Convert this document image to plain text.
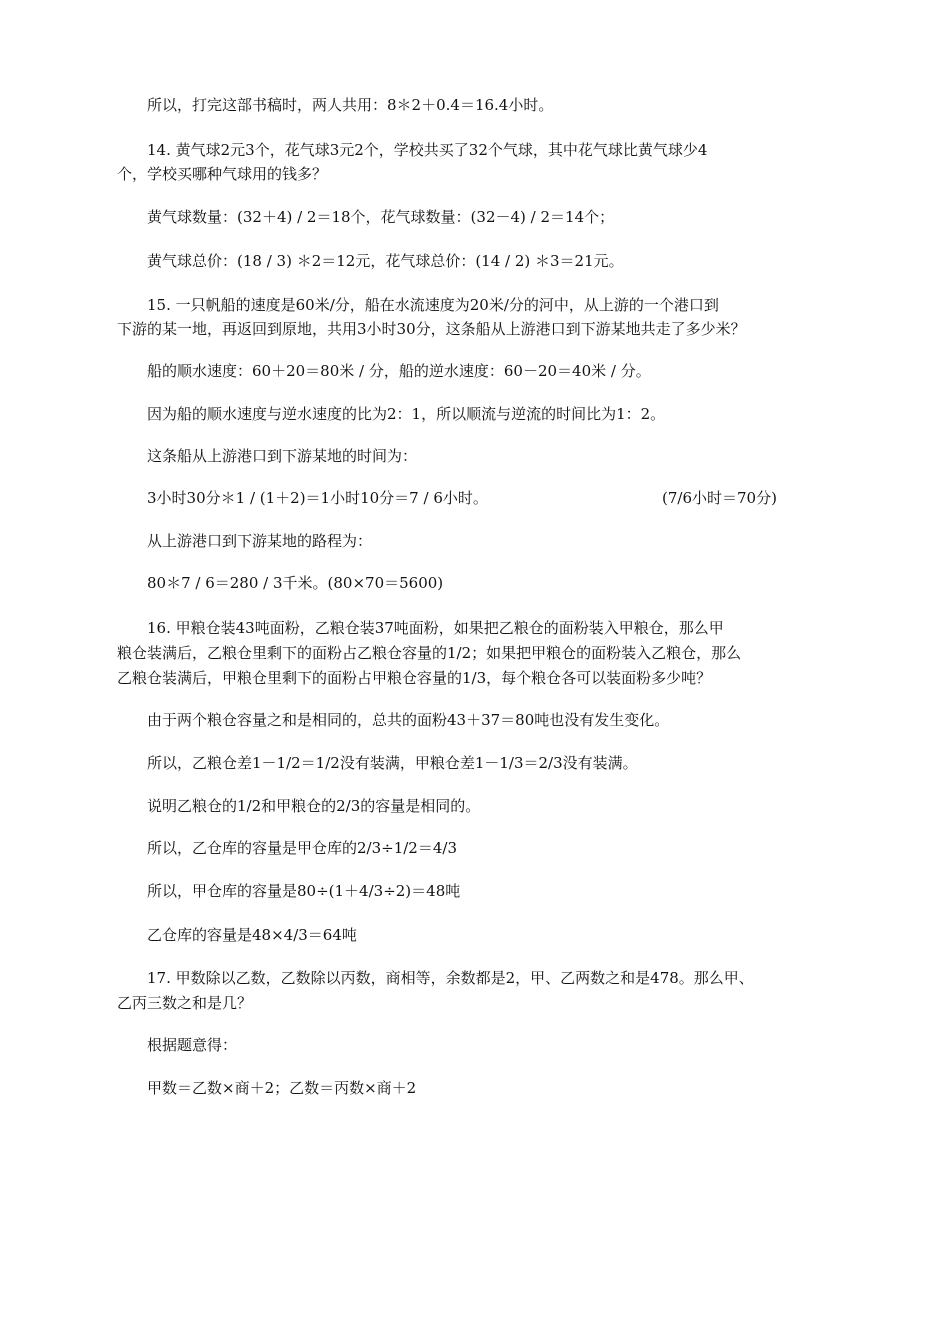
所以，打完这部书稿时，两人共用：8＊2＋0.4＝16.4小时。
14. 黄气球2元3个，花气球3元2个，学校共买了32个气球，其中花气球比黄气球少4
个，学校买哪种气球用的钱多？
黄气球数量：(32＋4) / 2＝18个，花气球数量：(32－4) / 2＝14个；
黄气球总价：(18 / 3) ＊2＝12元，花气球总价：(14 / 2) ＊3＝21元。
15. 一只帆船的速度是60米/分，船在水流速度为20米/分的河中，从上游的一个港口到
下游的某一地，再返回到原地，共用3小时30分，这条船从上游港口到下游某地共走了多少米？
船的顺水速度：60＋20＝80米 / 分，船的逆水速度：60－20＝40米 / 分。
因为船的顺水速度与逆水速度的比为2：1，所以顺流与逆流的时间比为1：2。
这条船从上游港口到下游某地的时间为：
3小时30分＊1 / (1＋2)＝1小时10分＝7 / 6小时。	(7/6小时＝70分)
从上游港口到下游某地的路程为：
80＊7 / 6＝280 / 3千米。(80×70＝5600)
16. 甲粮仓装43吨面粉，乙粮仓装37吨面粉，如果把乙粮仓的面粉装入甲粮仓，那么甲
粮仓装满后，乙粮仓里剩下的面粉占乙粮仓容量的1/2；如果把甲粮仓的面粉装入乙粮仓，那么
乙粮仓装满后，甲粮仓里剩下的面粉占甲粮仓容量的1/3，每个粮仓各可以装面粉多少吨？
由于两个粮仓容量之和是相同的，总共的面粉43＋37＝80吨也没有发生变化。
所以，乙粮仓差1－1/2＝1/2没有装满，甲粮仓差1－1/3＝2/3没有装满。
说明乙粮仓的1/2和甲粮仓的2/3的容量是相同的。
所以，乙仓库的容量是甲仓库的2/3÷1/2＝4/3
所以，甲仓库的容量是80÷(1＋4/3÷2)＝48吨
乙仓库的容量是48×4/3＝64吨
17. 甲数除以乙数，乙数除以丙数，商相等，余数都是2，甲、乙两数之和是478。那么甲、
乙丙三数之和是几？
根据题意得：
甲数＝乙数×商＋2；乙数＝丙数×商＋2
